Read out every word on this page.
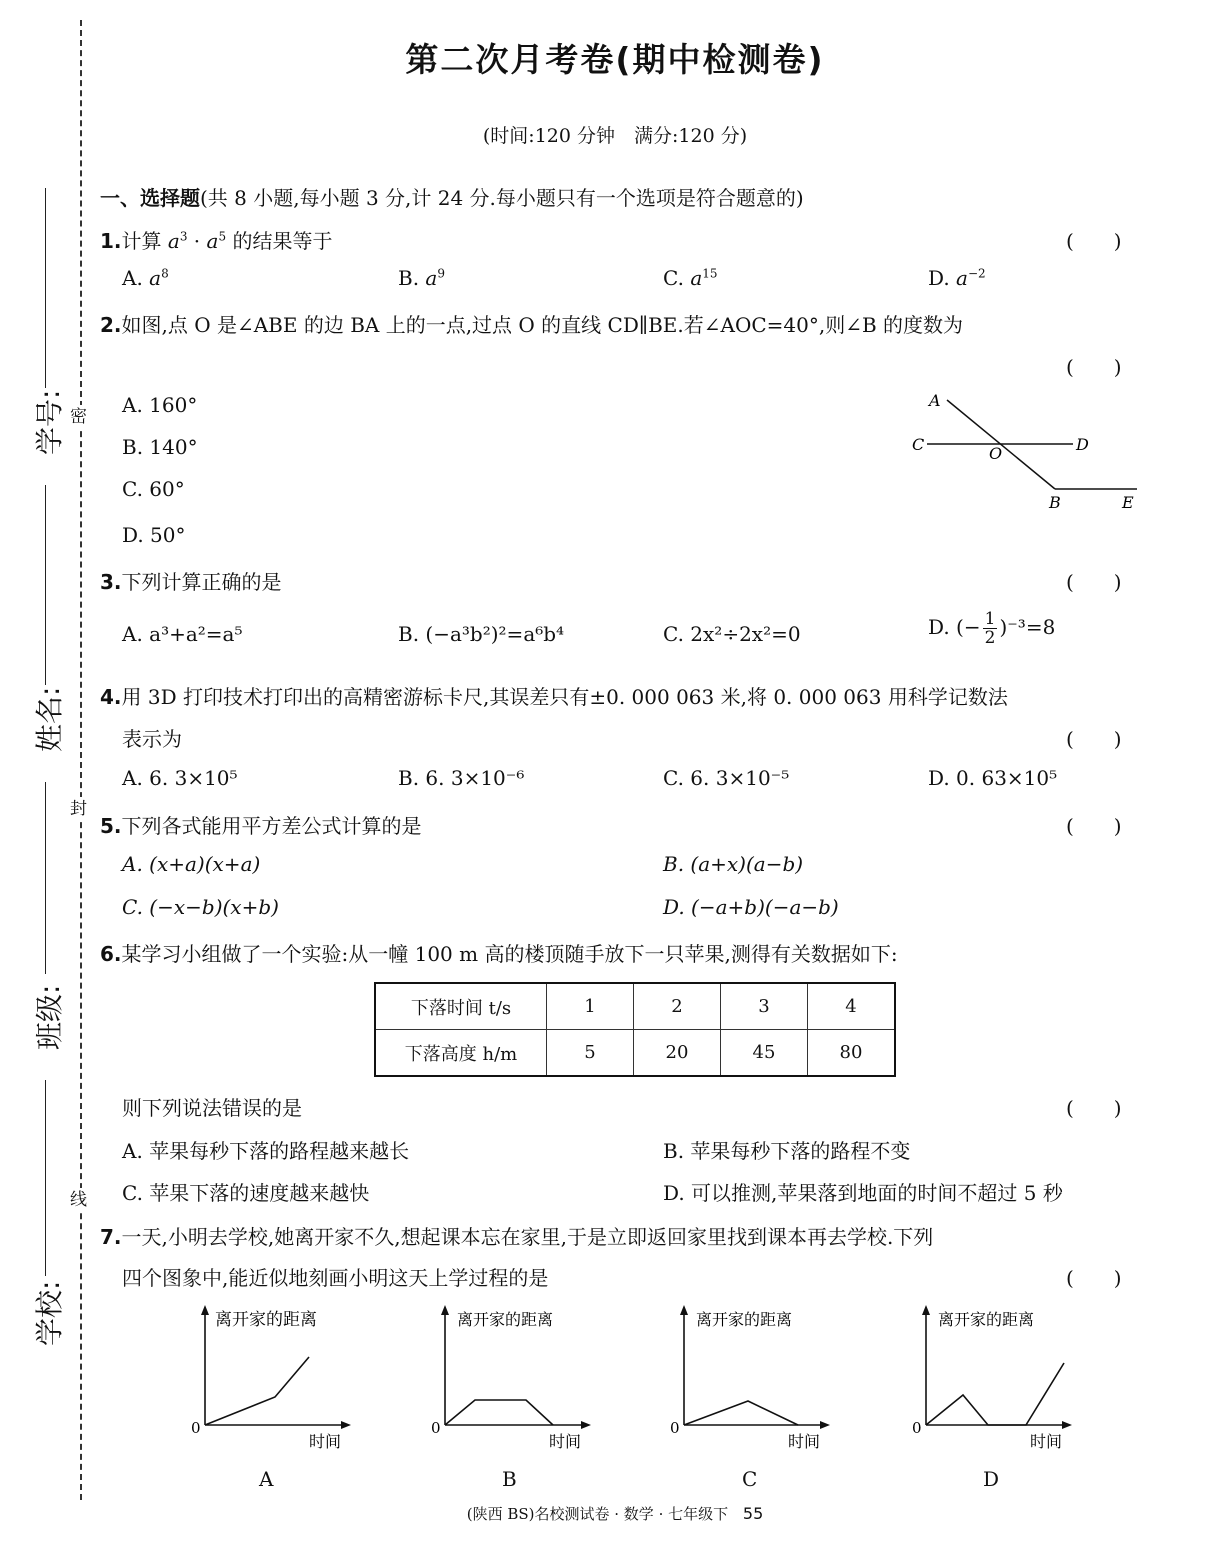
学号:
姓名:
班级:
学校:
密
封
线
第二次月考卷(期中检测卷)
(时间:120 分钟　满分:120 分)
一、选择题(共 8 小题,每小题 3 分,计 24 分.每小题只有一个选项是符合题意的)
1.计算 $a^3 \cdot a^5$ 的结果等于	(　　)
A. $a^8$	B. $a^9$	C. $a^{15}$	D. $a^{-2}$
2.如图,点 O 是∠ABE 的边 BA 上的一点,过点 O 的直线 CD∥BE.若∠AOC=40°,则∠B 的度数为
(　　)
A. 160°
B. 140°
C. 60°
D. 50°
A
C	O	D
B	E
3.下列计算正确的是	(　　)
A. a³+a²=a⁵	B. (−a³b²)²=a⁶b⁴	C. 2x²÷2x²=0	D. (− $\frac{1}{2} )^{-3}=8$
4.用 3D 打印技术打印出的高精密游标卡尺,其误差只有±0. 000 063 米,将 0. 000 063 用科学记数法
表示为	(　　)
A. 6. 3×10⁵	B. 6. 3×10⁻⁶	C. 6. 3×10⁻⁵	D. 0. 63×10⁵
5.下列各式能用平方差公式计算的是	(　　)
A. (x+a)(x+a)	B. (a+x)(a−b)
C. (−x−b)(x+b)	D. (−a+b)(−a−b)
6.某学习小组做了一个实验:从一幢 100 m 高的楼顶随手放下一只苹果,测得有关数据如下:
下落时间 t/s	1	2	3	4
下落高度 h/m	5	20	45	80
则下列说法错误的是	(　　)
A. 苹果每秒下落的路程越来越长	B. 苹果每秒下落的路程不变
C. 苹果下落的速度越来越快	D. 可以推测,苹果落到地面的时间不超过 5 秒
7.一天,小明去学校,她离开家不久,想起课本忘在家里,于是立即返回家里找到课本再去学校.下列
四个图象中,能近似地刻画小明这天上学过程的是	(　　)
离开家的距离
0
时间
A
离开家的距离
0
时间
B
离开家的距离
0
时间
C
离开家的距离
0
时间
D
(陕西 BS)名校测试卷 · 数学 · 七年级下 55
